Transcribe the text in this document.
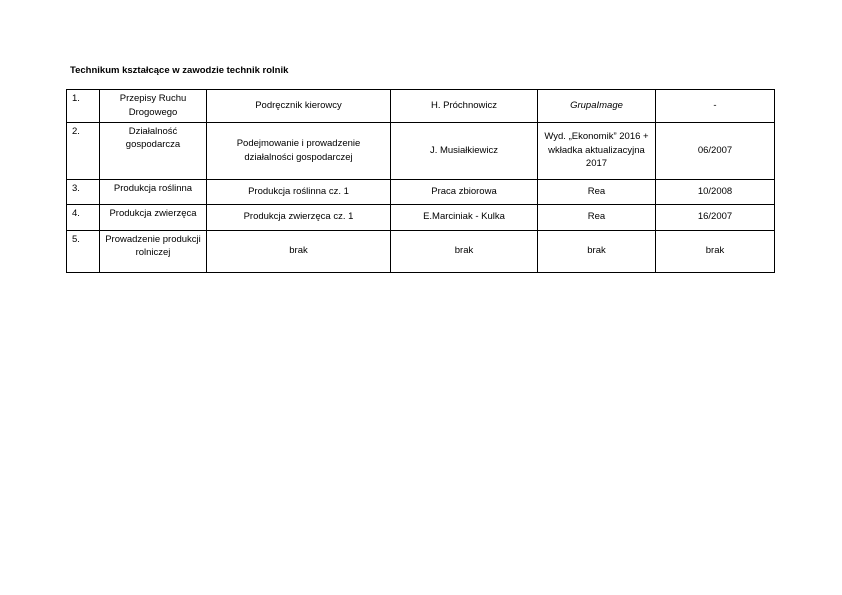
Technikum kształcące w zawodzie technik rolnik
1.	Przepisy Ruchu Drogowego	Podręcznik kierowcy	H. Próchnowicz	GrupaImage	-
2.	Działalność gospodarcza	Podejmowanie i prowadzenie działalności gospodarczej	J. Musiałkiewicz	Wyd. „Ekonomik” 2016 + wkładka aktualizacyjna 2017	06/2007
3.	Produkcja roślinna	Produkcja roślinna cz. 1	Praca zbiorowa	Rea	10/2008
4.	Produkcja zwierzęca	Produkcja zwierzęca cz. 1	E.Marciniak - Kulka	Rea	16/2007
5.	Prowadzenie produkcji rolniczej	brak	brak	brak	brak
